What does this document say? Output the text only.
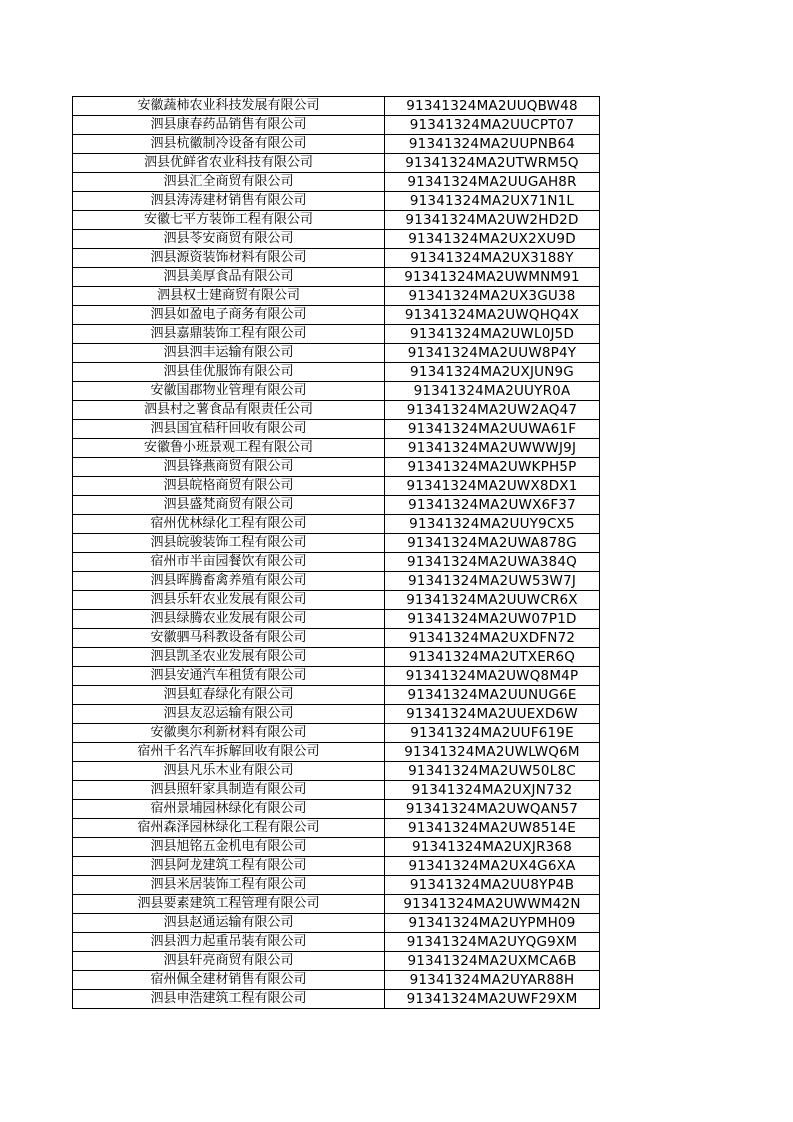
安徽蔬柿农业科技发展有限公司	91341324MA2UUQBW48
泗县康春药品销售有限公司	91341324MA2UUCPT07
泗县杭徽制冷设备有限公司	91341324MA2UUPNB64
泗县优鲜省农业科技有限公司	91341324MA2UTWRM5Q
泗县汇全商贸有限公司	91341324MA2UUGAH8R
泗县涛涛建材销售有限公司	91341324MA2UX71N1L
安徽七平方装饰工程有限公司	91341324MA2UW2HD2D
泗县苓安商贸有限公司	91341324MA2UX2XU9D
泗县源资装饰材料有限公司	91341324MA2UX3188Y
泗县美厚食品有限公司	91341324MA2UWMNM91
泗县权士建商贸有限公司	91341324MA2UX3GU38
泗县如盈电子商务有限公司	91341324MA2UWQHQ4X
泗县嘉鼎装饰工程有限公司	91341324MA2UWL0J5D
泗县泗丰运输有限公司	91341324MA2UUW8P4Y
泗县佳优服饰有限公司	91341324MA2UXJUN9G
安徽国郡物业管理有限公司	91341324MA2UUYR0A
泗县村之薯食品有限责任公司	91341324MA2UW2AQ47
泗县国宜秸秆回收有限公司	91341324MA2UUWA61F
安徽鲁小班景观工程有限公司	91341324MA2UWWWJ9J
泗县锋燕商贸有限公司	91341324MA2UWKPH5P
泗县皖格商贸有限公司	91341324MA2UWX8DX1
泗县盛梵商贸有限公司	91341324MA2UWX6F37
宿州优林绿化工程有限公司	91341324MA2UUY9CX5
泗县皖骏装饰工程有限公司	91341324MA2UWA878G
宿州市半亩园餐饮有限公司	91341324MA2UWA384Q
泗县晖腾畜禽养殖有限公司	91341324MA2UW53W7J
泗县乐轩农业发展有限公司	91341324MA2UUWCR6X
泗县绿腾农业发展有限公司	91341324MA2UW07P1D
安徽驷马科教设备有限公司	91341324MA2UXDFN72
泗县凯圣农业发展有限公司	91341324MA2UTXER6Q
泗县安通汽车租赁有限公司	91341324MA2UWQ8M4P
泗县虹春绿化有限公司	91341324MA2UUNUG6E
泗县友忍运输有限公司	91341324MA2UUEXD6W
安徽奥尔利新材料有限公司	91341324MA2UUF619E
宿州千名汽车拆解回收有限公司	91341324MA2UWLWQ6M
泗县凡乐木业有限公司	91341324MA2UW50L8C
泗县照轩家具制造有限公司	91341324MA2UXJN732
宿州景埔园林绿化有限公司	91341324MA2UWQAN57
宿州森泽园林绿化工程有限公司	91341324MA2UW8514E
泗县旭铭五金机电有限公司	91341324MA2UXJR368
泗县阿龙建筑工程有限公司	91341324MA2UX4G6XA
泗县米居装饰工程有限公司	91341324MA2UU8YP4B
泗县要素建筑工程管理有限公司	91341324MA2UWWM42N
泗县赵通运输有限公司	91341324MA2UYPMH09
泗县泗力起重吊装有限公司	91341324MA2UYQG9XM
泗县轩亮商贸有限公司	91341324MA2UXMCA6B
宿州佩全建材销售有限公司	91341324MA2UYAR88H
泗县申浩建筑工程有限公司	91341324MA2UWF29XM
